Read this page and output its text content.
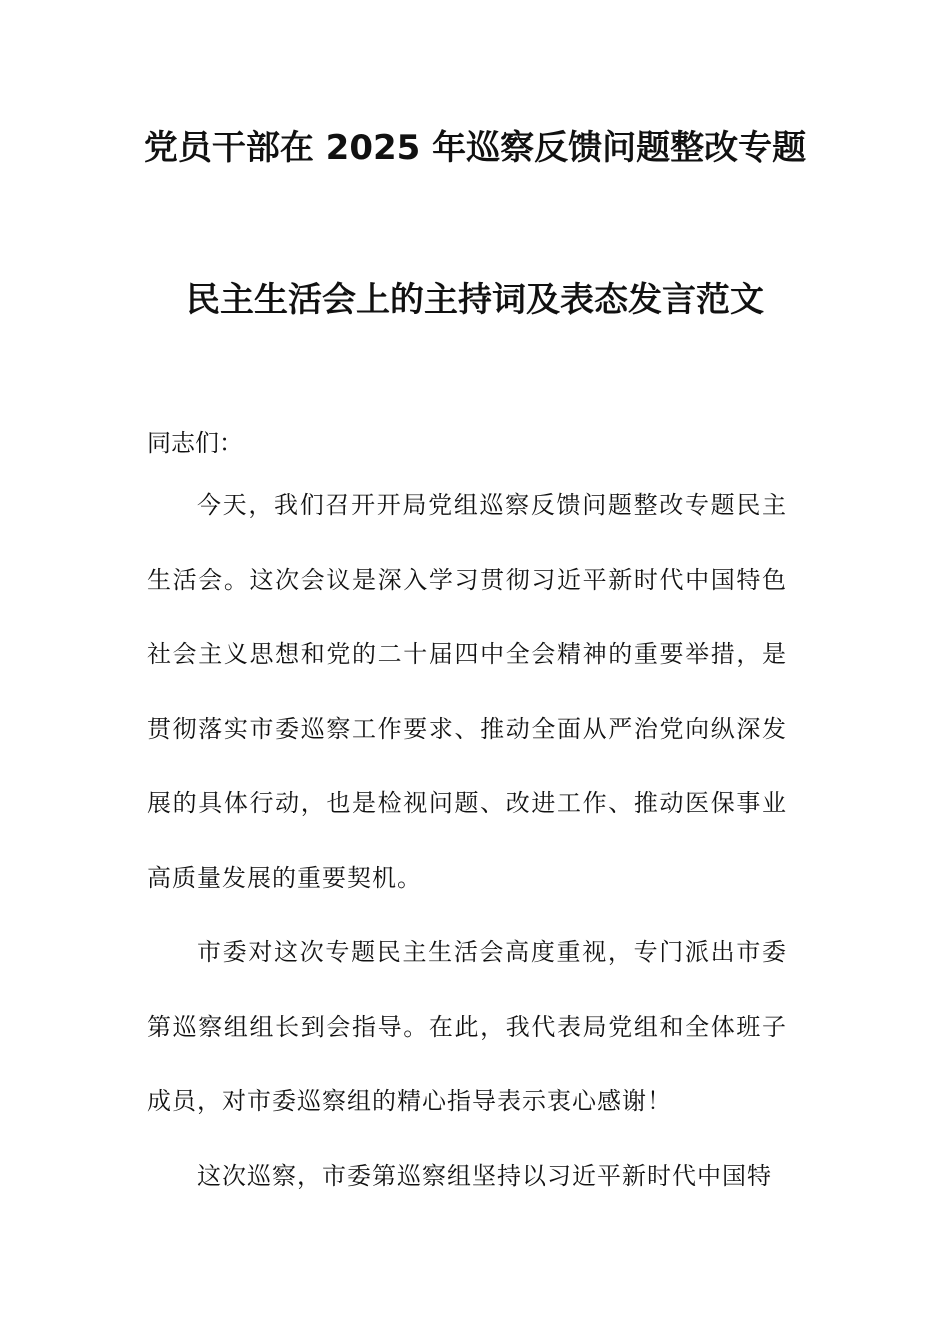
党员干部在 2025 年巡察反馈问题整改专题
民主生活会上的主持词及表态发言范文
同志们：

今天，我们召开开局党组巡察反馈问题整改专题民主生活会。这次会议是深入学习贯彻习近平新时代中国特色社会主义思想和党的二十届四中全会精神的重要举措，是贯彻落实市委巡察工作要求、推动全面从严治党向纵深发展的具体行动，也是检视问题、改进工作、推动医保事业高质量发展的重要契机。

市委对这次专题民主生活会高度重视，专门派出市委第巡察组组长到会指导。在此，我代表局党组和全体班子成员，对市委巡察组的精心指导表示衷心感谢！

这次巡察，市委第巡察组坚持以习近平新时代中国特
